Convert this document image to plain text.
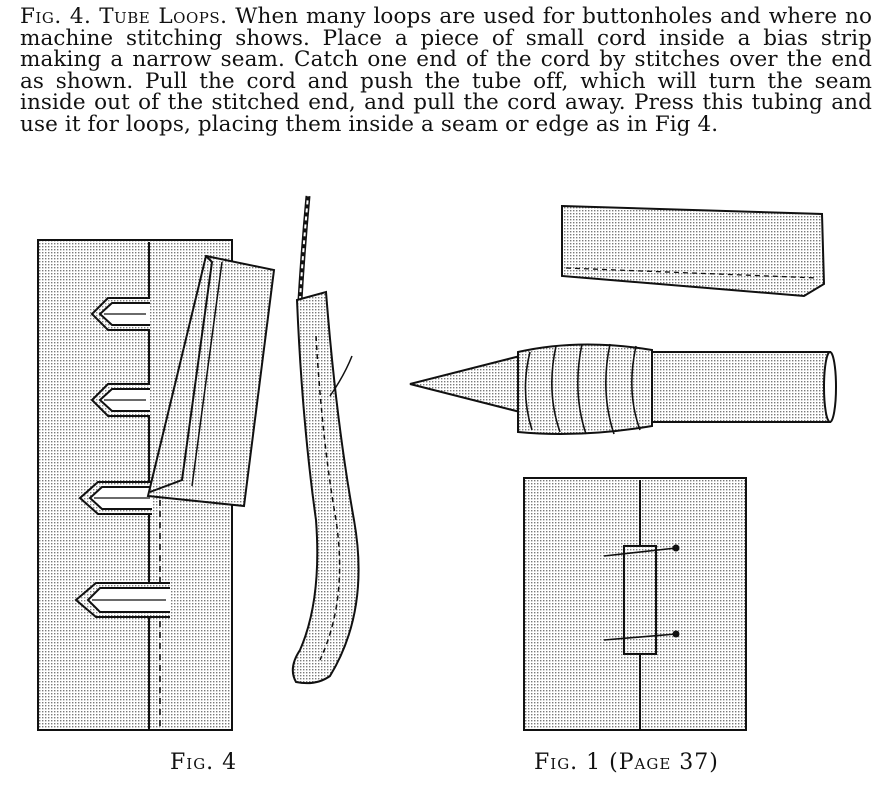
Fig. 4. Tube Loops. When many loops are used for buttonholes and where no machine stitching shows. Place a piece of small cord inside a bias strip making a narrow seam. Catch one end of the cord by stitches over the end as shown. Pull the cord and push the tube off, which will turn the seam inside out of the stitched end, and pull the cord away. Press this tubing and use it for loops, placing them inside a seam or edge as in Fig 4.
Fig. 4	Fig. 1 (Page 37)
